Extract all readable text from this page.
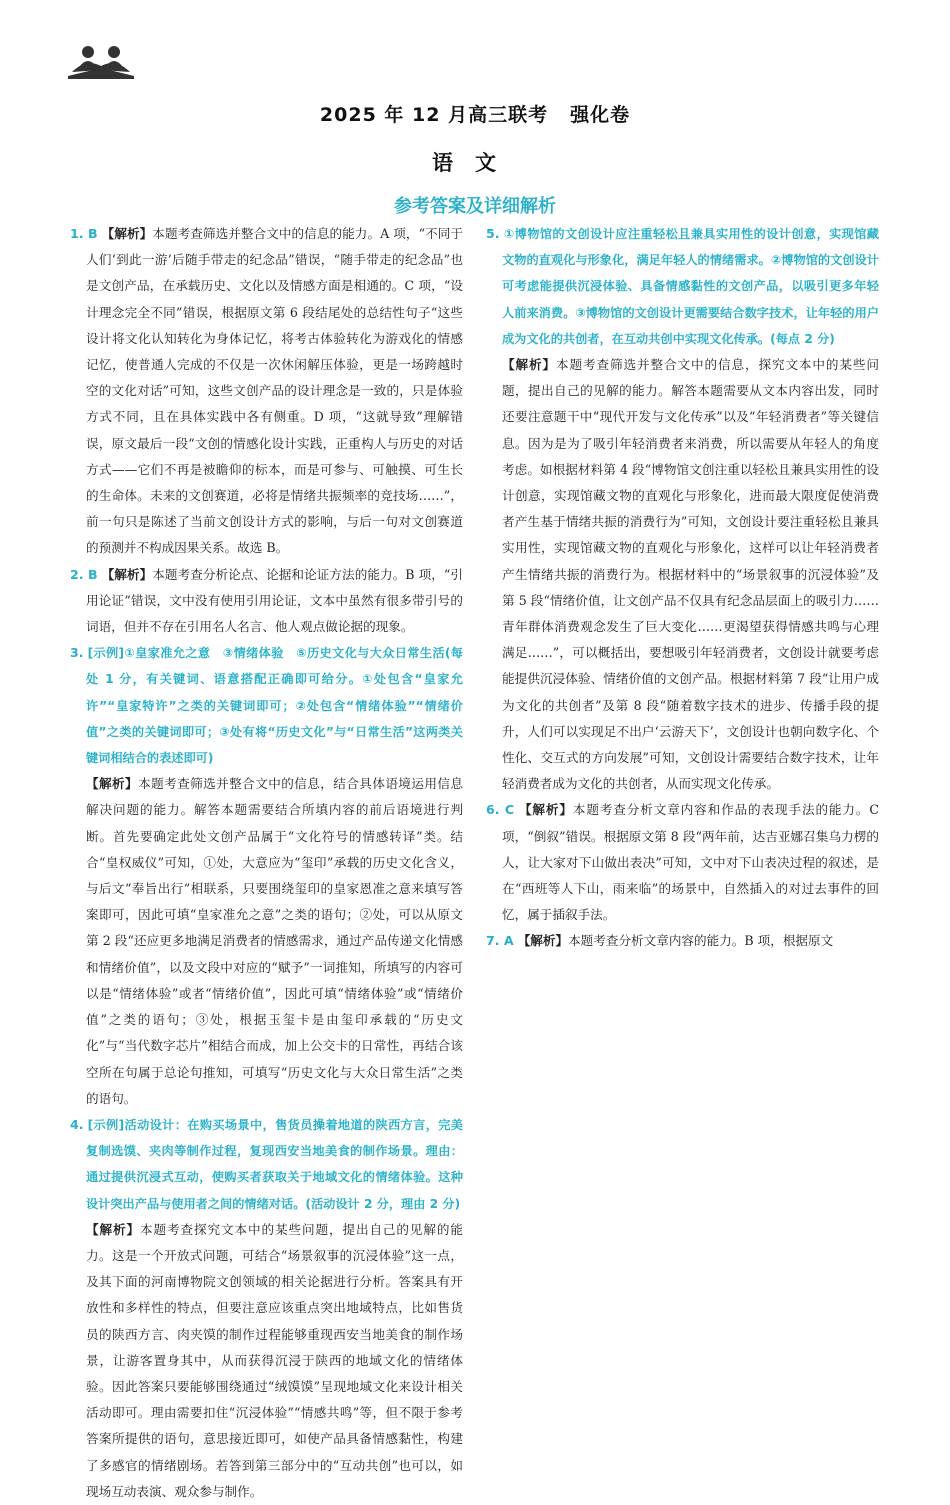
2025 年 12 月高三联考 强化卷
语文
参考答案及详细解析

1. B 【解析】本题考查筛选并整合文中的信息的能力。A 项，“不同于人们‘到此一游’后随手带走的纪念品”错误，“随手带走的纪念品”也是文创产品，在承载历史、文化以及情感方面是相通的。C 项，“设计理念完全不同”错误，根据原文第 6 段结尾处的总结性句子“这些设计将文化认知转化为身体记忆，将考古体验转化为游戏化的情感记忆，使普通人完成的不仅是一次休闲解压体验，更是一场跨越时空的文化对话”可知，这些文创产品的设计理念是一致的，只是体验方式不同，且在具体实践中各有侧重。D 项，“这就导致”理解错误，原文最后一段“文创的情感化设计实践，正重构人与历史的对话方式——它们不再是被瞻仰的标本，而是可参与、可触摸、可生长的生命体。未来的文创赛道，必将是情绪共振频率的竞技场……”，前一句只是陈述了当前文创设计方式的影响，与后一句对文创赛道的预测并不构成因果关系。故选 B。

2. B 【解析】本题考查分析论点、论据和论证方法的能力。B 项，“引用论证”错误，文中没有使用引用论证，文本中虽然有很多带引号的词语，但并不存在引用名人名言、他人观点做论据的现象。

3. [示例]①皇家准允之意　③情绪体验　⑤历史文化与大众日常生活(每处 1 分，有关键词、语意搭配正确即可给分。①处包含“皇家允许”“皇家特许”之类的关键词即可；②处包含“情绪体验”“情绪价值”之类的关键词即可；③处有将“历史文化”与“日常生活”这两类关键词相结合的表述即可)

【解析】本题考查筛选并整合文中的信息，结合具体语境运用信息解决问题的能力。解答本题需要结合所填内容的前后语境进行判断。首先要确定此处文创产品属于“文化符号的情感转译”类。结合“皇权威仪”可知，①处，大意应为“玺印”承载的历史文化含义，与后文“奉旨出行”相联系，只要围绕玺印的皇家恩准之意来填写答案即可，因此可填“皇家准允之意”之类的语句；②处，可以从原文第 2 段“还应更多地满足消费者的情感需求，通过产品传递文化情感和情绪价值”，以及文段中对应的“赋予”一词推知，所填写的内容可以是“情绪体验”或者“情绪价值”，因此可填“情绪体验”或“情绪价值”之类的语句；③处，根据玉玺卡是由玺印承载的“历史文化”与“当代数字芯片”相结合而成，加上公交卡的日常性，再结合该空所在句属于总论句推知，可填写“历史文化与大众日常生活”之类的语句。

4. [示例]活动设计：在购买场景中，售货员操着地道的陕西方言，完美复制选馍、夹肉等制作过程，复现西安当地美食的制作场景。理由：通过提供沉浸式互动，使购买者获取关于地域文化的情绪体验。这种设计突出产品与使用者之间的情绪对话。(活动设计 2 分，理由 2 分)

【解析】本题考查探究文本中的某些问题，提出自己的见解的能力。这是一个开放式问题，可结合“场景叙事的沉浸体验”这一点，及其下面的河南博物院文创领域的相关论据进行分析。答案具有开放性和多样性的特点，但要注意应该重点突出地域特点，比如售货员的陕西方言、肉夹馍的制作过程能够重现西安当地美食的制作场景，让游客置身其中，从而获得沉浸于陕西的地域文化的情绪体验。因此答案只要能够围绕通过“绒馍馍”呈现地域文化来设计相关活动即可。理由需要扣住“沉浸体验”“情感共鸣”等，但不限于参考答案所提供的语句，意思接近即可，如使产品具备情感黏性，构建了多感官的情绪剧场。若答到第三部分中的“互动共创”也可以，如现场互动表演、观众参与制作。

5. ①博物馆的文创设计应注重轻松且兼具实用性的设计创意，实现馆藏文物的直观化与形象化，满足年轻人的情绪需求。②博物馆的文创设计可考虑能提供沉浸体验、具备情感黏性的文创产品，以吸引更多年轻人前来消费。③博物馆的文创设计更需要结合数字技术，让年轻的用户成为文化的共创者，在互动共创中实现文化传承。(每点 2 分)

【解析】本题考查筛选并整合文中的信息，探究文本中的某些问题，提出自己的见解的能力。解答本题需要从文本内容出发，同时还要注意题干中“现代开发与文化传承”以及“年轻消费者”等关键信息。因为是为了吸引年轻消费者来消费，所以需要从年轻人的角度考虑。如根据材料第 4 段“博物馆文创注重以轻松且兼具实用性的设计创意，实现馆藏文物的直观化与形象化，进而最大限度促使消费者产生基于情绪共振的消费行为”可知，文创设计要注重轻松且兼具实用性，实现馆藏文物的直观化与形象化，这样可以让年轻消费者产生情绪共振的消费行为。根据材料中的“场景叙事的沉浸体验”及第 5 段“情绪价值，让文创产品不仅具有纪念品层面上的吸引力……青年群体消费观念发生了巨大变化……更渴望获得情感共鸣与心理满足……”，可以概括出，要想吸引年轻消费者，文创设计就要考虑能提供沉浸体验、情绪价值的文创产品。根据材料第 7 段“让用户成为文化的共创者”及第 8 段“随着数字技术的进步、传播手段的提升，人们可以实现足不出户‘云游天下’，文创设计也朝向数字化、个性化、交互式的方向发展”可知，文创设计需要结合数字技术，让年轻消费者成为文化的共创者，从而实现文化传承。

6. C 【解析】本题考查分析文章内容和作品的表现手法的能力。C 项，“倒叙”错误。根据原文第 8 段“两年前，达吉亚娜召集乌力楞的人，让大家对下山做出表决”可知，文中对下山表决过程的叙述，是在“西班等人下山，雨来临”的场景中，自然插入的对过去事件的回忆，属于插叙手法。

7. A 【解析】本题考查分析文章内容的能力。B 项，根据原文
